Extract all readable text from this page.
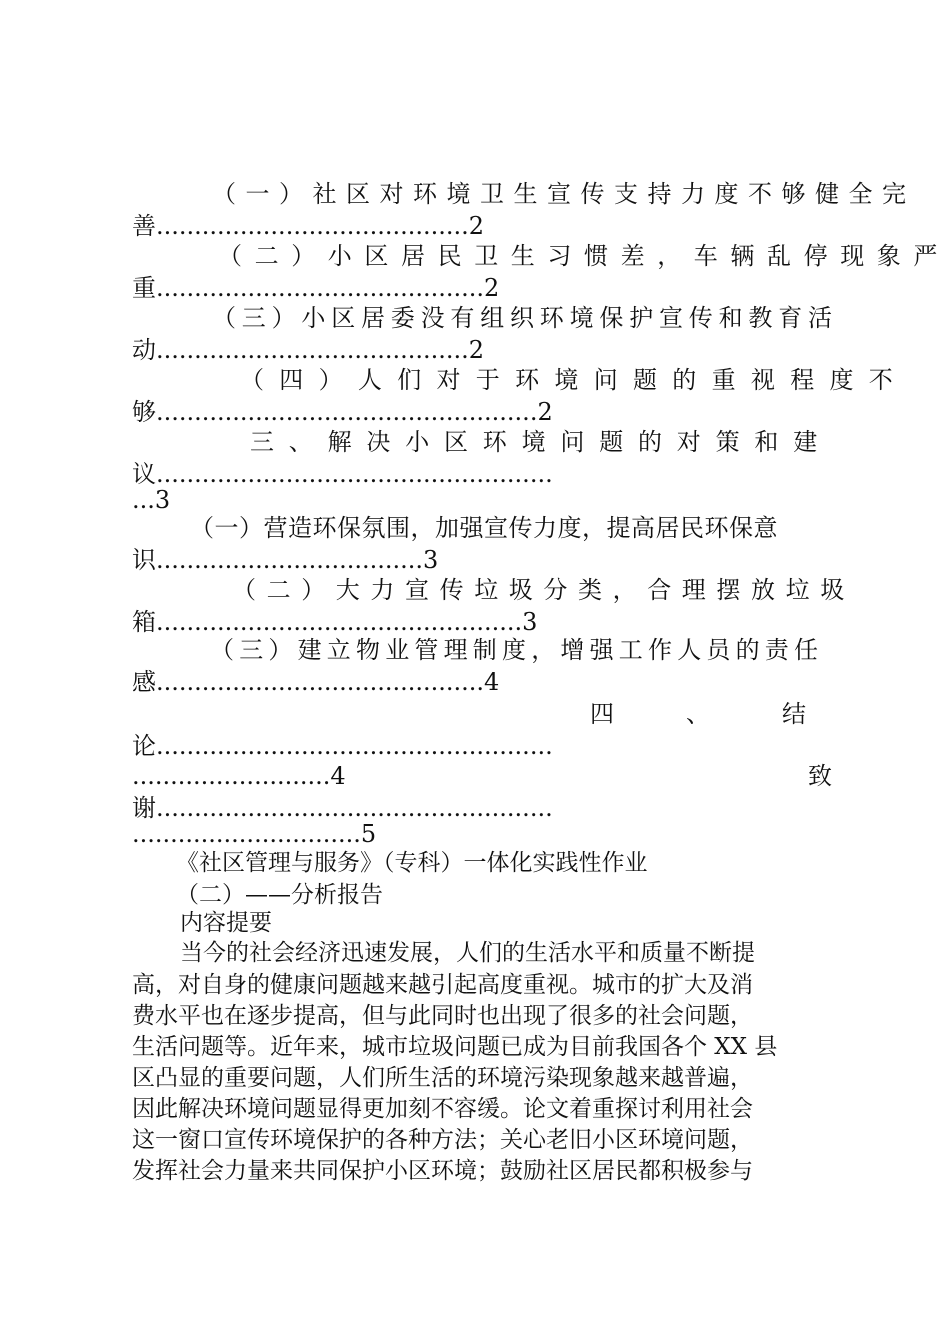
（一）社区对环境卫生宣传支持力度不够健全完
善.........................................2
（二）小区居民卫生习惯差，车辆乱停现象严
重...........................................2
（三）小区居委没有组织环境保护宣传和教育活
动.........................................2
（四）人们对于环境问题的重视程度不
够..................................................2
三、解决小区环境问题的对策和建
议....................................................
...3
（一）营造环保氛围，加强宣传力度，提高居民环保意
识...................................3
（二）大力宣传垃圾分类，合理摆放垃圾
箱................................................3
（三）建立物业管理制度，增强工作人员的责任
感...........................................4
四、结
论....................................................
..........................4	致
谢....................................................
..............................5
《社区管理与服务》（专科）一体化实践性作业
（二）——分析报告
内容提要
当今的社会经济迅速发展，人们的生活水平和质量不断提
高，对自身的健康问题越来越引起高度重视。城市的扩大及消
费水平也在逐步提高，但与此同时也出现了很多的社会问题，
生活问题等。近年来，城市垃圾问题已成为目前我国各个 XX 县
区凸显的重要问题，人们所生活的环境污染现象越来越普遍，
因此解决环境问题显得更加刻不容缓。论文着重探讨利用社会
这一窗口宣传环境保护的各种方法；关心老旧小区环境问题，
发挥社会力量来共同保护小区环境；鼓励社区居民都积极参与
